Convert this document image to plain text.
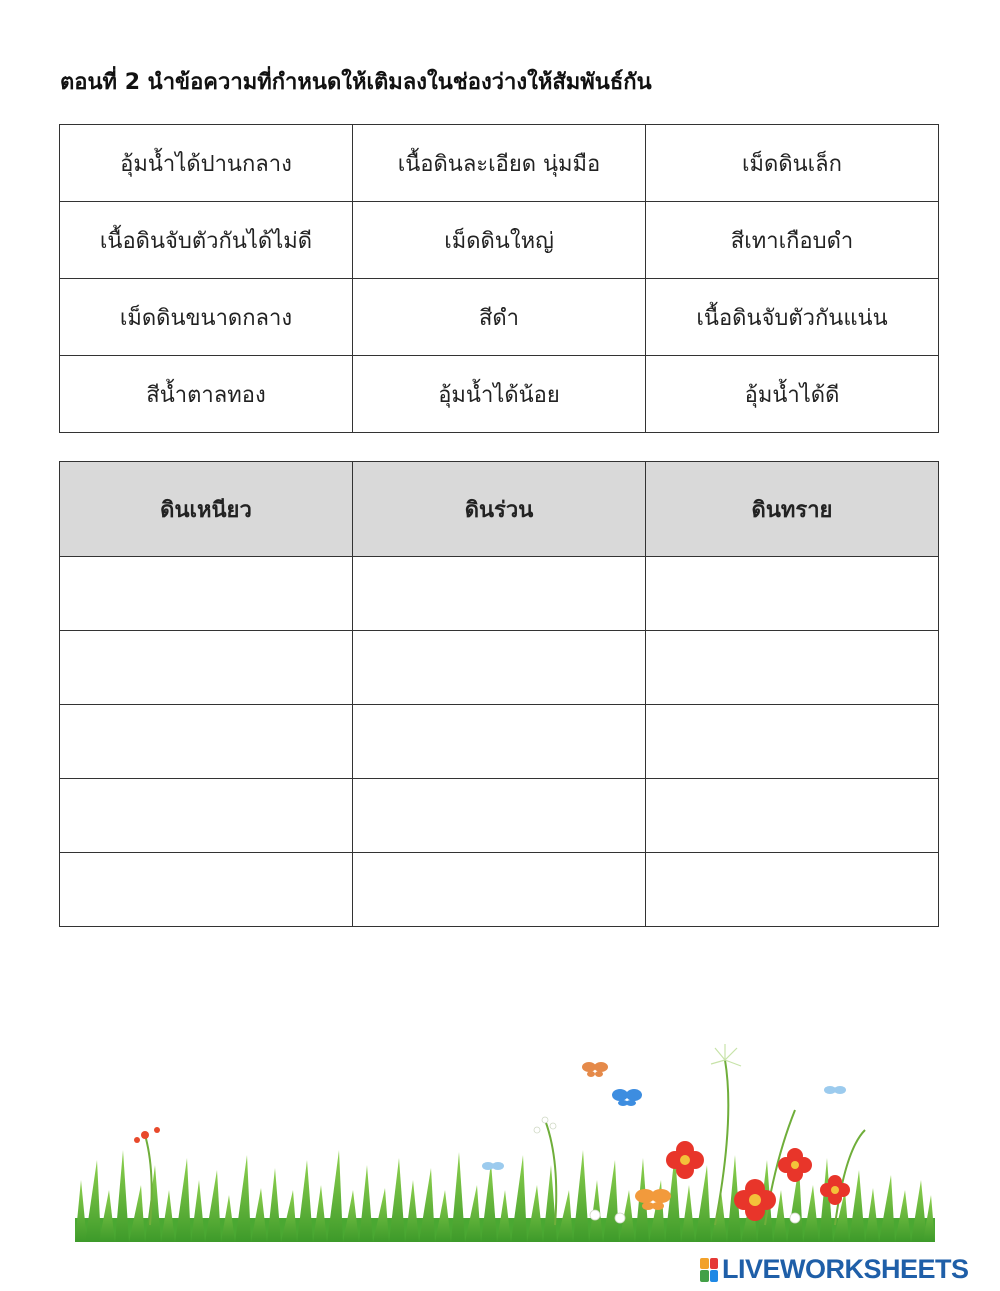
ตอนที่ 2 นำข้อความที่กำหนดให้เติมลงในช่องว่างให้สัมพันธ์กัน
อุ้มน้ำได้ปานกลาง	เนื้อดินละเอียด นุ่มมือ	เม็ดดินเล็ก
เนื้อดินจับตัวกันได้ไม่ดี	เม็ดดินใหญ่	สีเทาเกือบดำ
เม็ดดินขนาดกลาง	สีดำ	เนื้อดินจับตัวกันแน่น
สีน้ำตาลทอง	อุ้มน้ำได้น้อย	อุ้มน้ำได้ดี
ดินเหนียว	ดินร่วน	ดินทราย

LIVEWORKSHEETS
